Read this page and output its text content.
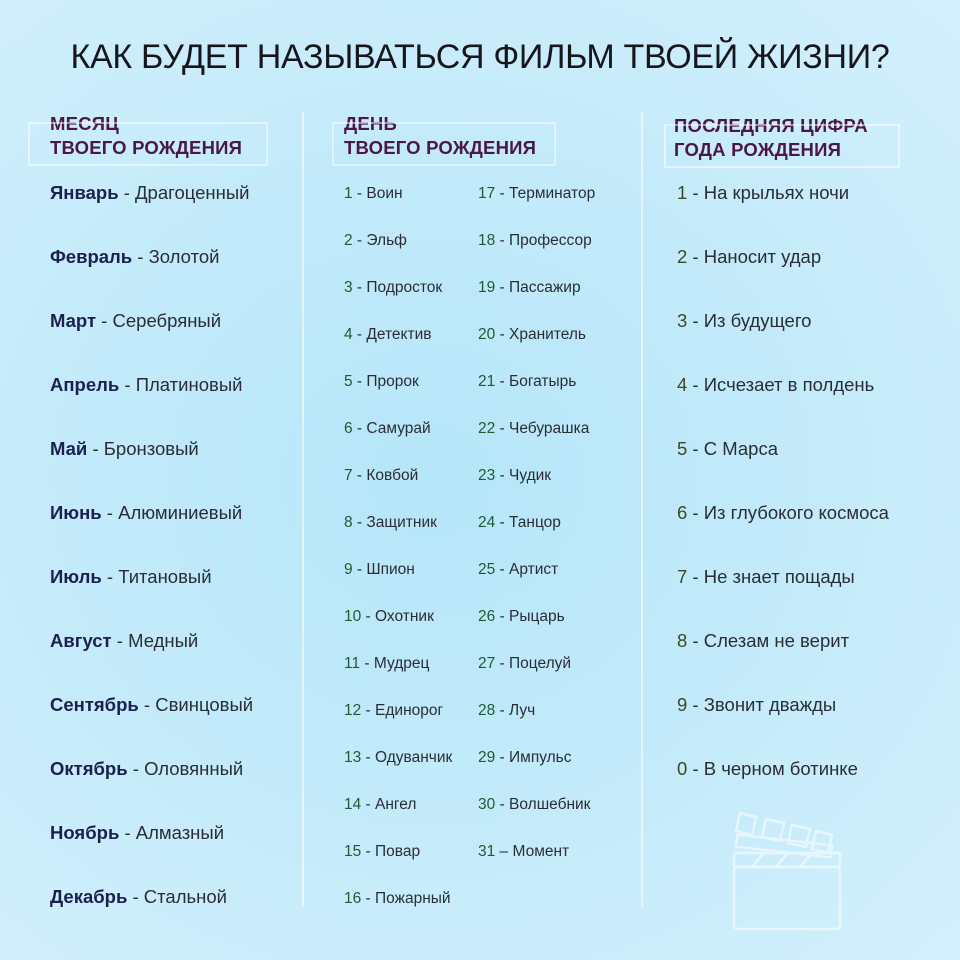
КАК БУДЕТ НАЗЫВАТЬСЯ ФИЛЬМ ТВОЕЙ ЖИЗНИ?
МЕСЯЦ
ТВОЕГО РОЖДЕНИЯ
ДЕНЬ
ТВОЕГО РОЖДЕНИЯ
ПОСЛЕДНЯЯ ЦИФРА
ГОДА РОЖДЕНИЯ
Январь - Драгоценный
Февраль - Золотой
Март - Серебряный
Апрель - Платиновый
Май - Бронзовый
Июнь - Алюминиевый
Июль - Титановый
Август - Медный
Сентябрь - Свинцовый
Октябрь - Оловянный
Ноябрь - Алмазный
Декабрь - Стальной
1 - Воин
2 - Эльф
3 - Подросток
4 - Детектив
5 - Пророк
6 - Самурай
7 - Ковбой
8 - Защитник
9 - Шпион
10 - Охотник
11 - Мудрец
12 - Единорог
13 - Одуванчик
14 - Ангел
15 - Повар
16 - Пожарный
17 - Терминатор
18 - Профессор
19 - Пассажир
20 - Хранитель
21 - Богатырь
22 - Чебурашка
23 - Чудик
24 - Танцор
25 - Артист
26 - Рыцарь
27 - Поцелуй
28 - Луч
29 - Импульс
30 - Волшебник
31 – Момент
1 - На крыльях ночи
2 - Наносит удар
3 - Из будущего
4 - Исчезает в полдень
5 - С Марса
6 - Из глубокого космоса
7 - Не знает пощады
8 - Слезам не верит
9 - Звонит дважды
0 - В черном ботинке
